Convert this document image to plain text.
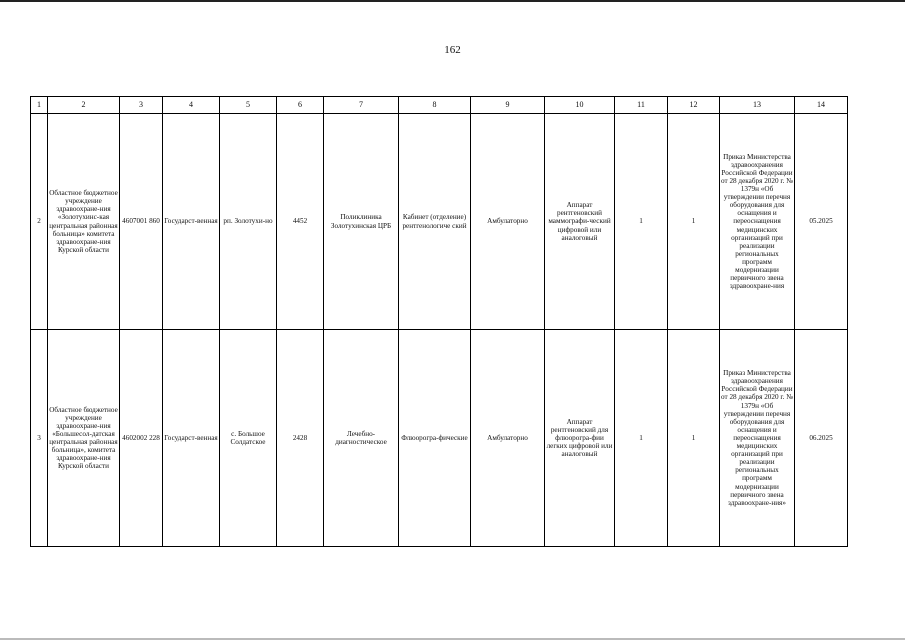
162
1	2	3	4	5	6	7	8	9	10	11	12	13	14
2	Областное бюджетное учреждение здравоохране-ния «Золотухинс-кая центральная районная больница» комитета здравоохране-ния Курской области	4607001 860	Государст-венная	рп. Золотухи-но	4452	Поликлиника Золотухинская ЦРБ	Кабинет (отделение) рентгенологиче ский	Амбулаторно	Аппарат рентгеновский маммографи-ческий цифровой или аналоговый	1	1	Приказ Министерства здравоохранения Российской Федерации от 28 декабря 2020 г. № 1379н «Об утверждении перечня оборудования для оснащения и переоснащения медицинских организаций при реализации региональных программ модернизации первичного звена здравоохране-ния	05.2025
3	Областное бюджетное учреждение здравоохране-ния «Большесол-датская центральная районная больница», комитета здравоохране-ния Курской области	4602002 228	Государст-венная	с. Большое Солдатское	2428	Лечебно-диагностическое	Флюорогра-фические	Амбулаторно	Аппарат рентгеновский для флюорогра-фии легких цифровой или аналоговый	1	1	Приказ Министерства здравоохранения Российской Федерации от 28 декабря 2020 г. № 1379н «Об утверждении перечня оборудования для оснащения и переоснащения медицинских организаций при реализации региональных программ модернизации первичного звена здравоохране-ния»	06.2025
